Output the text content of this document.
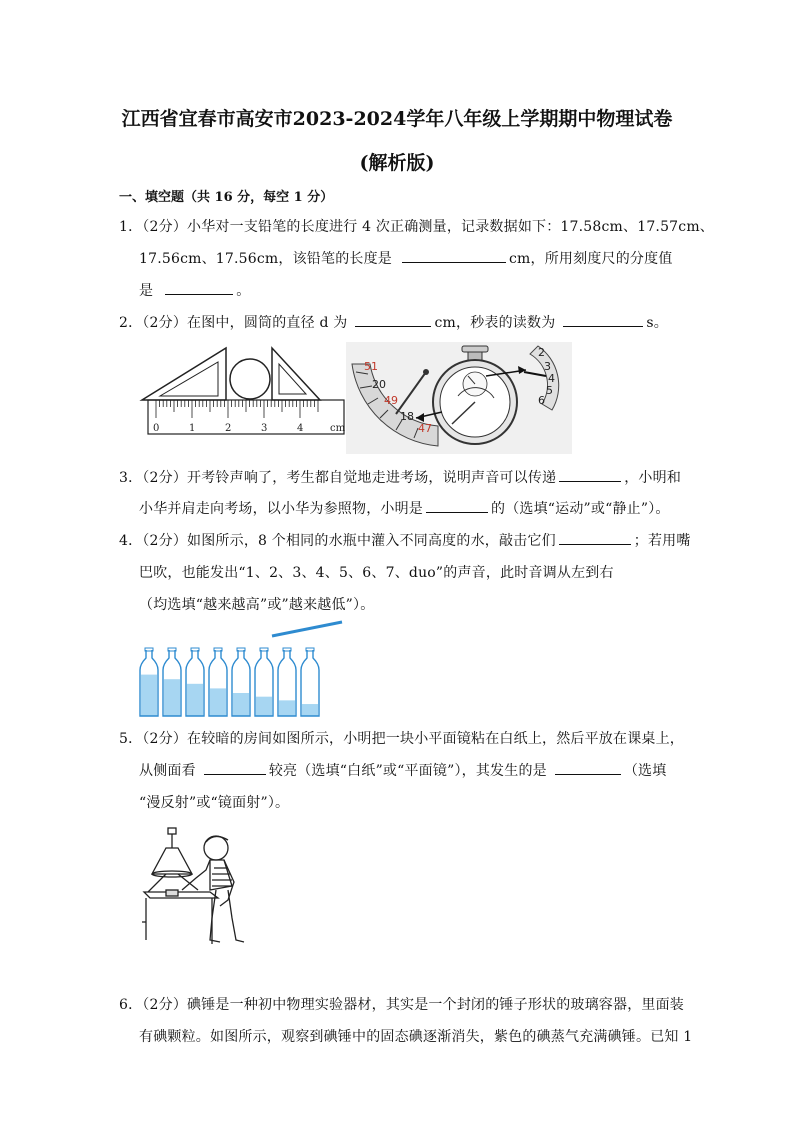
江西省宜春市高安市2023-2024学年八年级上学期期中物理试卷
(解析版)
一、填空题（共 16 分，每空 1 分）
1．（2分）小华对一支铅笔的长度进行 4 次正确测量，记录数据如下：17.58cm、17.57cm、
17.56cm、17.56cm，该铅笔的长度是	cm，所用刻度尺的分度值
是	。
2．（2分）在图中，圆筒的直径 d 为	cm，秒表的读数为	s。
0	1	2	3	4	cm
51
20
49
18
47
2
3
4
5
6
3．（2分）开考铃声响了，考生都自觉地走进考场，说明声音可以传递	，小明和
小华并肩走向考场，以小华为参照物，小明是	的（选填“运动”或“静止”）。
4．（2分）如图所示，8 个相同的水瓶中灌入不同高度的水，敲击它们	；若用嘴
巴吹，也能发出“1、2、3、4、5、6、7、duo”的声音，此时音调从左到右
（均选填“越来越高”或”越来越低”）。
5．（2分）在较暗的房间如图所示，小明把一块小平面镜粘在白纸上，然后平放在课桌上，
从侧面看	较亮（选填“白纸”或“平面镜”），其发生的是	（选填
“漫反射”或“镜面射”）。
6．（2分）碘锤是一种初中物理实验器材，其实是一个封闭的锤子形状的玻璃容器，里面装
有碘颗粒。如图所示，观察到碘锤中的固态碘逐渐消失，紫色的碘蒸气充满碘锤。已知 1
